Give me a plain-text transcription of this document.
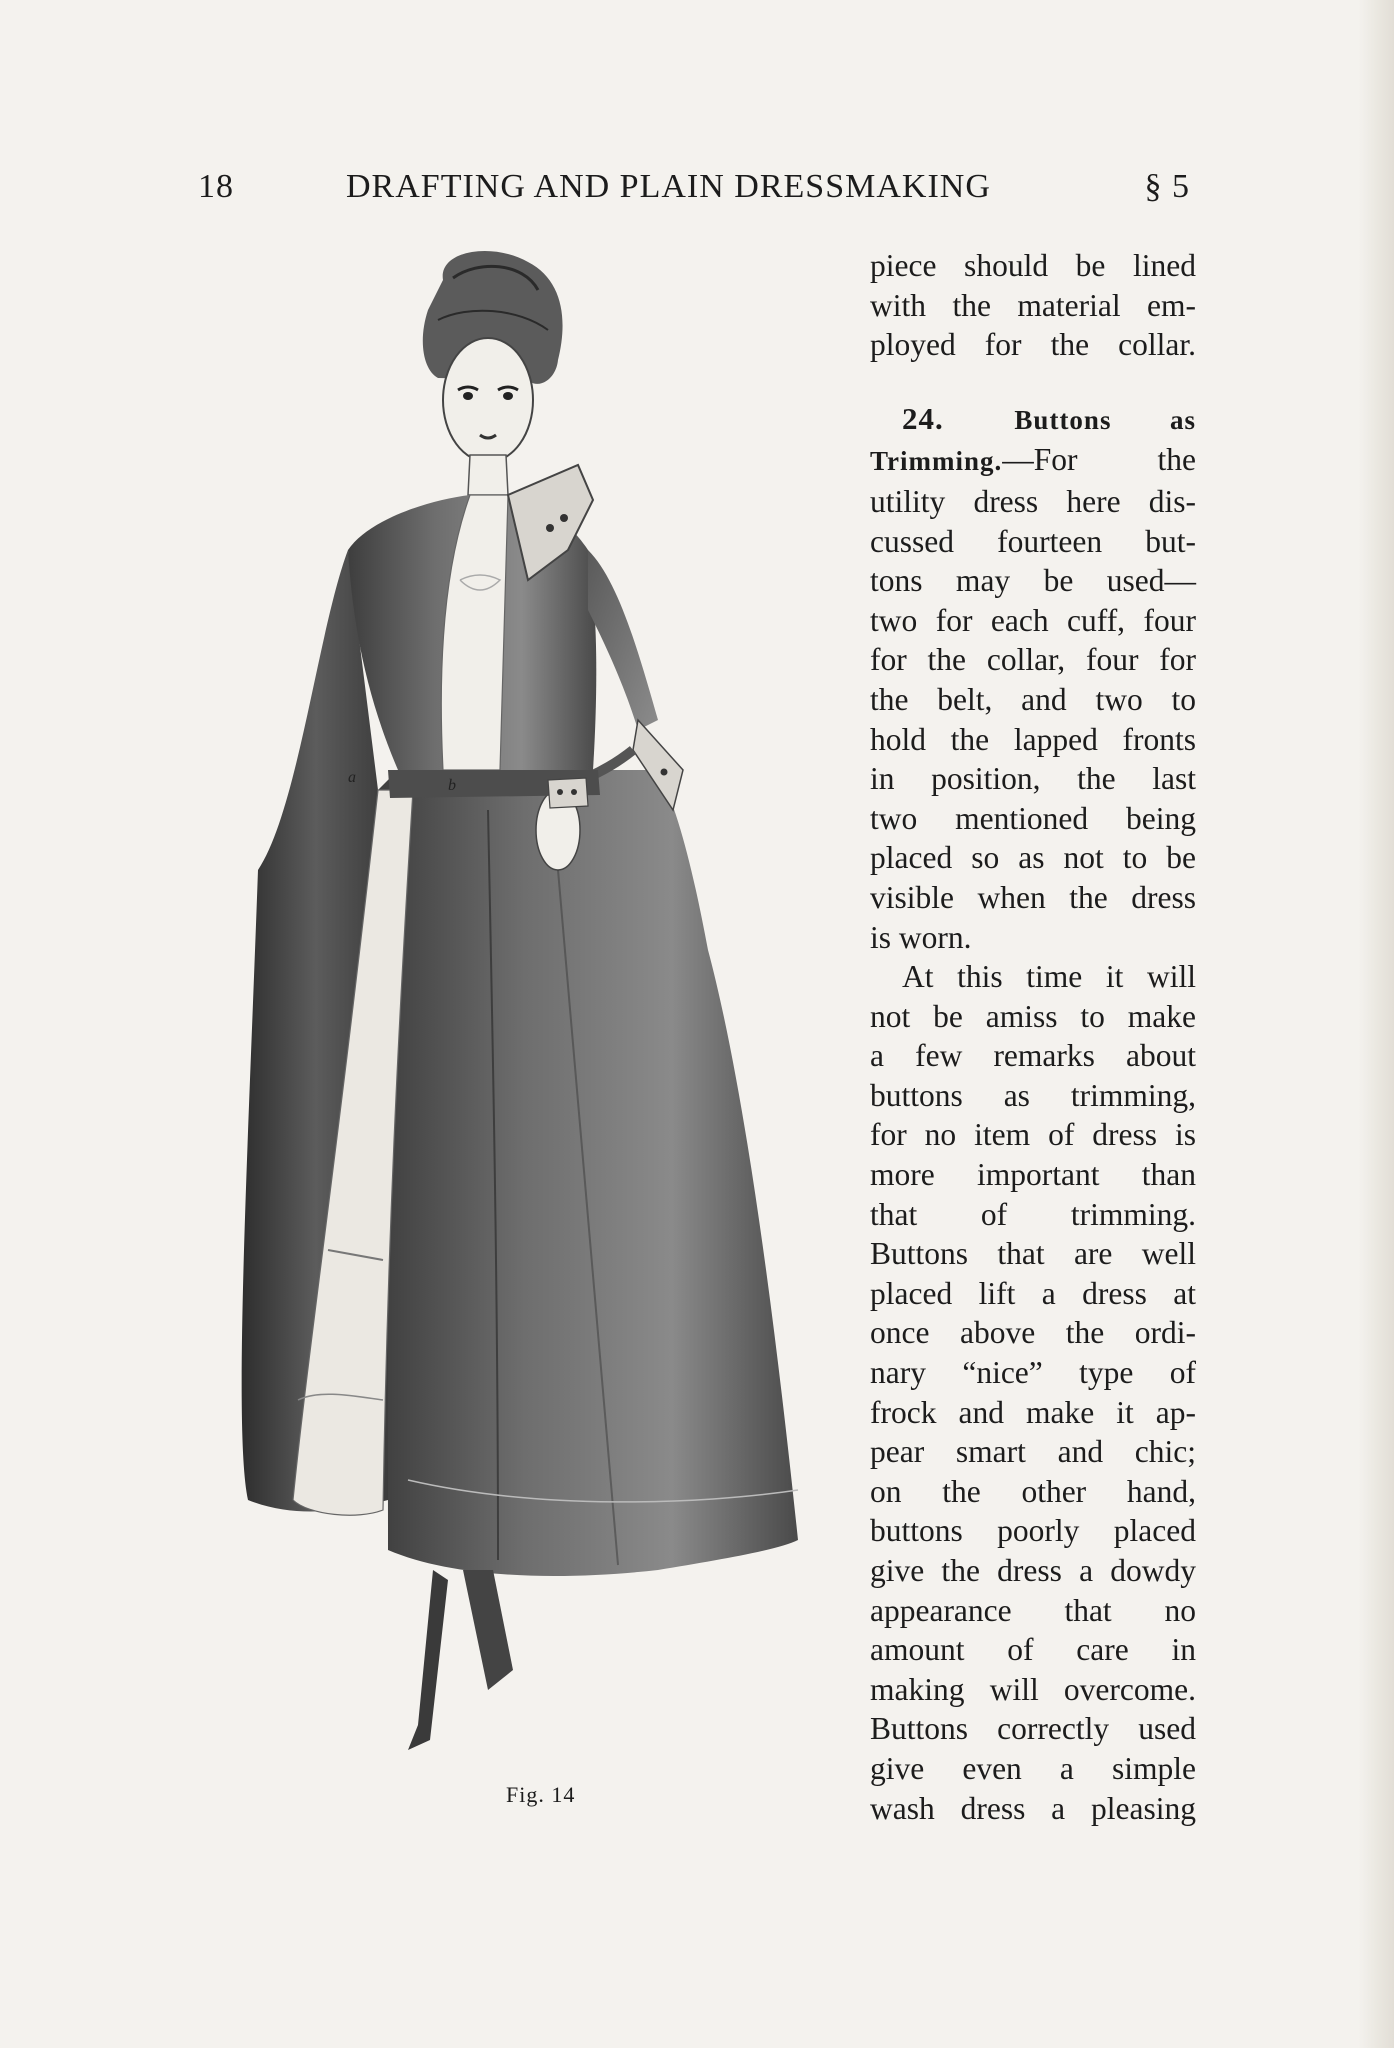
18	DRAFTING AND PLAIN DRESSMAKING	§ 5
a	b
Fig. 14
piece should be lined
with the material em-
ployed for the collar.
24.	Buttons as
Trimming.—For the
utility dress here dis-
cussed fourteen but-
tons may be used—
two for each cuff, four
for the collar, four for
the belt, and two to
hold the lapped fronts
in position, the last
two mentioned being
placed so as not to be
visible when the dress
is worn.
At this time it will
not be amiss to make
a few remarks about
buttons as trimming,
for no item of dress is
more important than
that of trimming.
Buttons that are well
placed lift a dress at
once above the ordi-
nary “nice” type of
frock and make it ap-
pear smart and chic;
on the other hand,
buttons poorly placed
give the dress a dowdy
appearance that no
amount of care in
making will overcome.
Buttons correctly used
give even a simple
wash dress a pleasing
